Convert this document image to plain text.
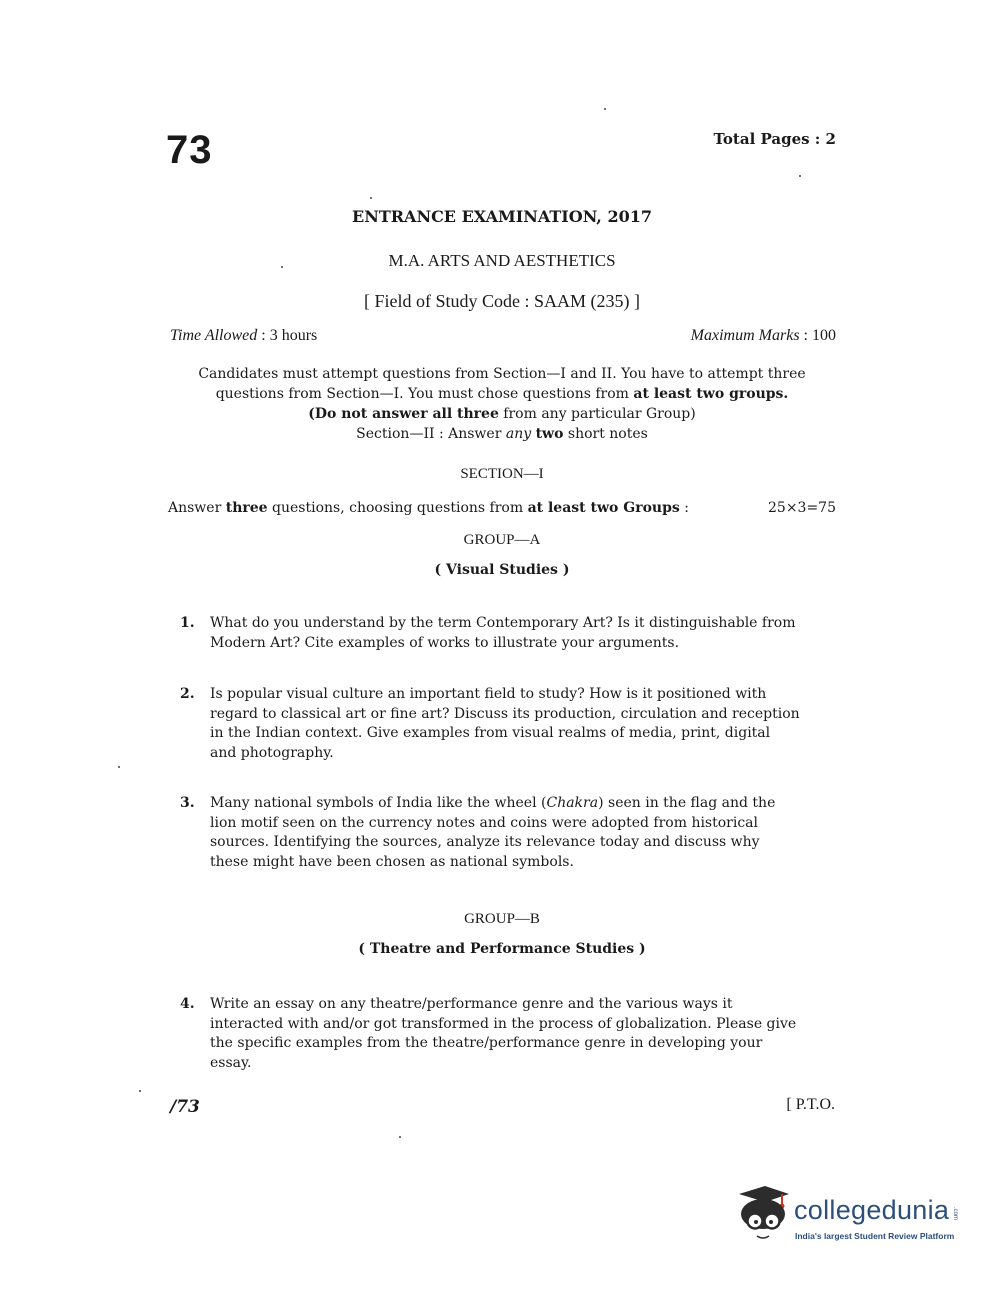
73	Total Pages : 2
ENTRANCE EXAMINATION, 2017
M.A. ARTS AND AESTHETICS
[ Field of Study Code : SAAM (235) ]
Time Allowed : 3 hours	Maximum Marks : 100
Candidates must attempt questions from Section—I and II. You have to attempt three
questions from Section—I. You must chose questions from at least two groups.
(Do not answer all three from any particular Group)
Section—II : Answer any two short notes
SECTION—I
Answer three questions, choosing questions from at least two Groups :	25×3=75
GROUP—A
( Visual Studies )
1. What do you understand by the term Contemporary Art? Is it distinguishable from Modern Art? Cite examples of works to illustrate your arguments.
2. Is popular visual culture an important field to study? How is it positioned with regard to classical art or fine art? Discuss its production, circulation and reception in the Indian context. Give examples from visual realms of media, print, digital and photography.
3. Many national symbols of India like the wheel (Chakra) seen in the flag and the lion motif seen on the currency notes and coins were adopted from historical sources. Identifying the sources, analyze its relevance today and discuss why these might have been chosen as national symbols.
GROUP—B
( Theatre and Performance Studies )
4. Write an essay on any theatre/performance genre and the various ways it interacted with and/or got transformed in the process of globalization. Please give the specific examples from the theatre/performance genre in developing your essay.
/73	[ P.T.O.
collegedunia .com
India's largest Student Review Platform
